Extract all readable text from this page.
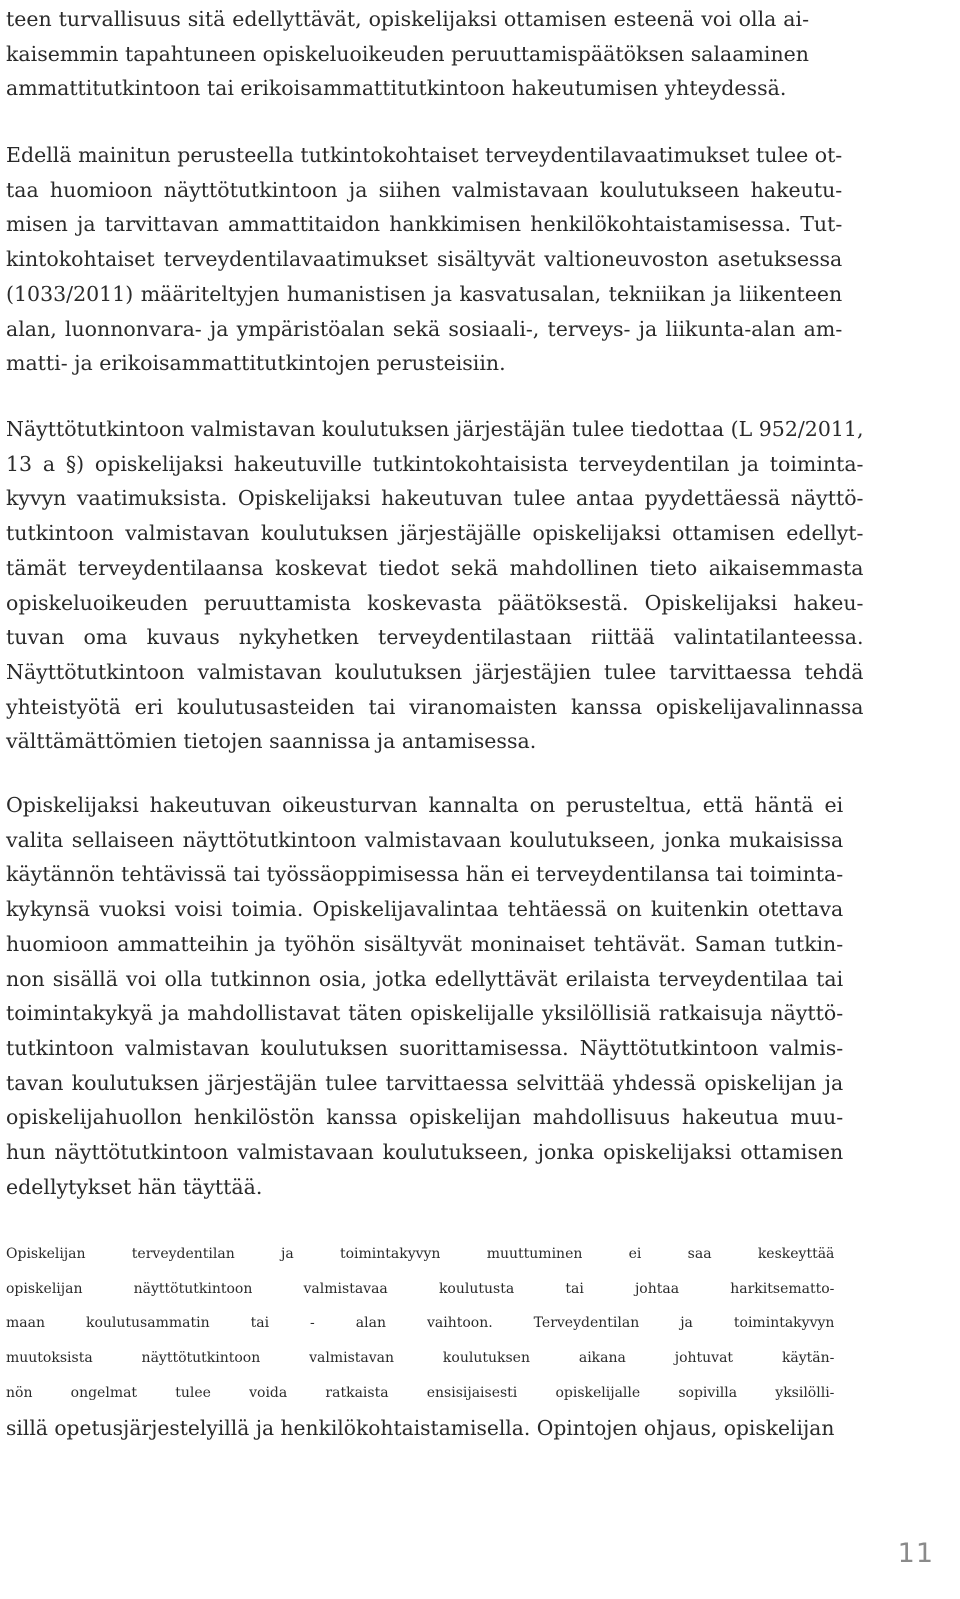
teen turvallisuus sitä edellyttävät, opiskelijaksi ottamisen esteenä voi olla ai-
kaisemmin tapahtuneen opiskeluoikeuden peruuttamispäätöksen salaaminen
ammattitutkintoon tai erikoisammattitutkintoon hakeutumisen yhteydessä.
Edellä mainitun perusteella tutkintokohtaiset terveydentilavaatimukset tulee ot-
taa huomioon näyttötutkintoon ja siihen valmistavaan koulutukseen hakeutu-
misen ja tarvittavan ammattitaidon hankkimisen henkilökohtaistamisessa. Tut-
kintokohtaiset terveydentilavaatimukset sisältyvät valtioneuvoston asetuksessa
(1033/2011) määriteltyjen humanistisen ja kasvatusalan, tekniikan ja liikenteen
alan, luonnonvara- ja ympäristöalan sekä sosiaali-, terveys- ja liikunta-alan am-
matti- ja erikoisammattitutkintojen perusteisiin.
Näyttötutkintoon valmistavan koulutuksen järjestäjän tulee tiedottaa (L 952/2011,
13 a §) opiskelijaksi hakeutuville tutkintokohtaisista terveydentilan ja toiminta-
kyvyn vaatimuksista. Opiskelijaksi hakeutuvan tulee antaa pyydettäessä näyttö-
tutkintoon valmistavan koulutuksen järjestäjälle opiskelijaksi ottamisen edellyt-
tämät terveydentilaansa koskevat tiedot sekä mahdollinen tieto aikaisemmasta
opiskeluoikeuden peruuttamista koskevasta päätöksestä. Opiskelijaksi hakeu-
tuvan oma kuvaus nykyhetken terveydentilastaan riittää valintatilanteessa.
Näyttötutkintoon valmistavan koulutuksen järjestäjien tulee tarvittaessa tehdä
yhteistyötä eri koulutusasteiden tai viranomaisten kanssa opiskelijavalinnassa
välttämättömien tietojen saannissa ja antamisessa.
Opiskelijaksi hakeutuvan oikeusturvan kannalta on perusteltua, että häntä ei
valita sellaiseen näyttötutkintoon valmistavaan koulutukseen, jonka mukaisissa
käytännön tehtävissä tai työssäoppimisessa hän ei terveydentilansa tai toiminta-
kykynsä vuoksi voisi toimia. Opiskelijavalintaa tehtäessä on kuitenkin otettava
huomioon ammatteihin ja työhön sisältyvät moninaiset tehtävät. Saman tutkin-
non sisällä voi olla tutkinnon osia, jotka edellyttävät erilaista terveydentilaa tai
toimintakykyä ja mahdollistavat täten opiskelijalle yksilöllisiä ratkaisuja näyttö-
tutkintoon valmistavan koulutuksen suorittamisessa. Näyttötutkintoon valmis-
tavan koulutuksen järjestäjän tulee tarvittaessa selvittää yhdessä opiskelijan ja
opiskelijahuollon henkilöstön kanssa opiskelijan mahdollisuus hakeutua muu-
hun näyttötutkintoon valmistavaan koulutukseen, jonka opiskelijaksi ottamisen
edellytykset hän täyttää.
Opiskelijan terveydentilan ja toimintakyvyn muuttuminen ei saa keskeyttää
opiskelijan näyttötutkintoon valmistavaa koulutusta tai johtaa harkitsematto-
maan koulutusammatin tai - alan vaihtoon. Terveydentilan ja toimintakyvyn
muutoksista näyttötutkintoon valmistavan koulutuksen aikana johtuvat käytän-
nön ongelmat tulee voida ratkaista ensisijaisesti opiskelijalle sopivilla yksilölli-
sillä opetusjärjestelyillä ja henkilökohtaistamisella. Opintojen ohjaus, opiskelijan
11
